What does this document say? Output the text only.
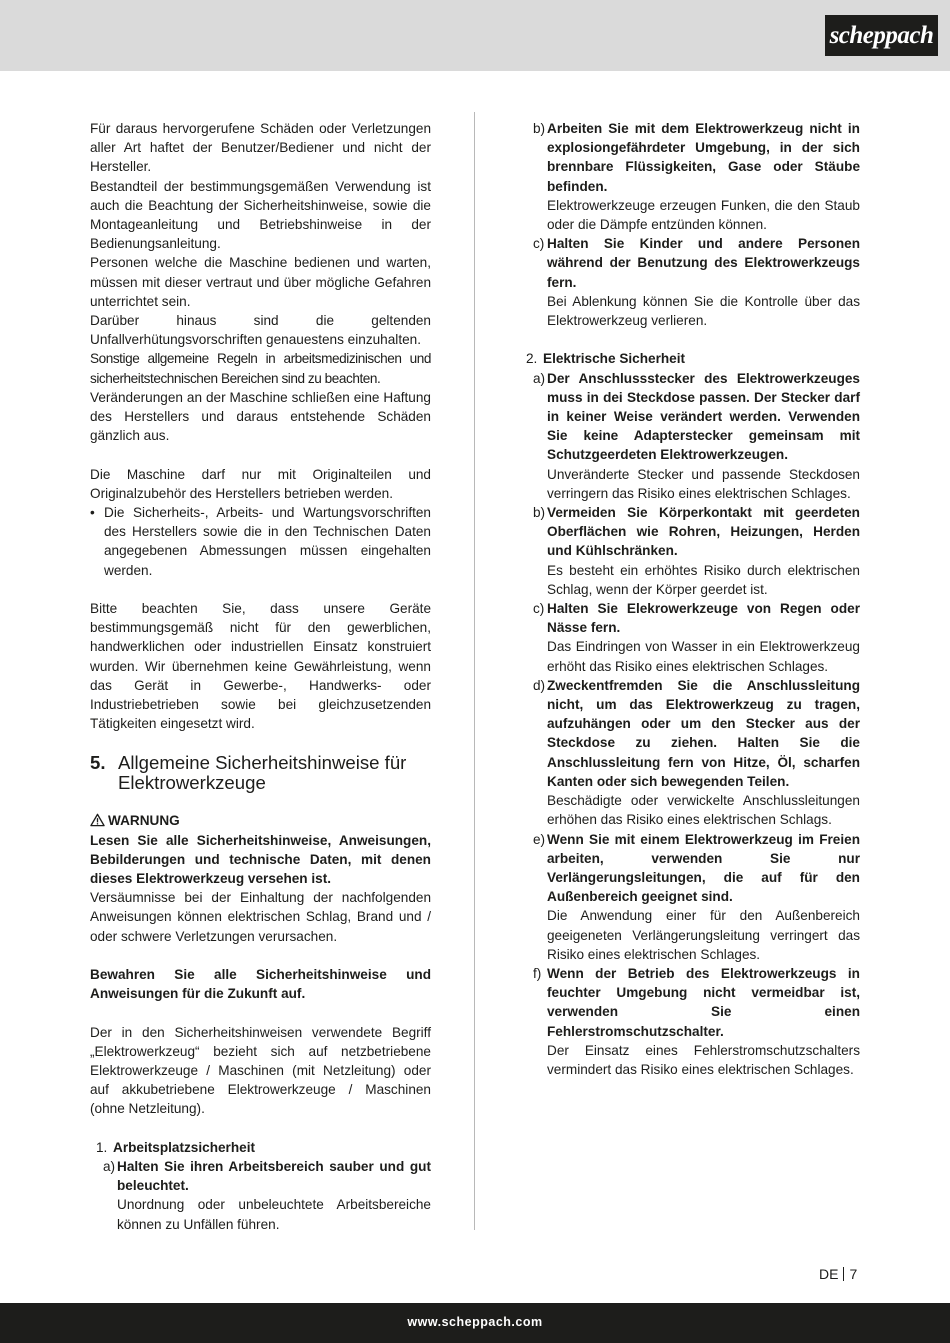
scheppach
Für daraus hervorgerufene Schäden oder Verletzungen aller Art haftet der Benutzer/Bediener und nicht der Hersteller.
Bestandteil der bestimmungsgemäßen Verwendung ist auch die Beachtung der Sicherheitshinweise, sowie die Montageanleitung und Betriebshinweise in der Bedienungsanleitung.
Personen welche die Maschine bedienen und warten, müssen mit dieser vertraut und über mögliche Gefahren unterrichtet sein.
Darüber hinaus sind die geltenden Unfallverhütungsvorschriften genauestens einzuhalten.
Sonstige allgemeine Regeln in arbeitsmedizinischen und sicherheitstechnischen Bereichen sind zu beachten.
Veränderungen an der Maschine schließen eine Haftung des Herstellers und daraus entstehende Schäden gänzlich aus.
Die Maschine darf nur mit Originalteilen und Originalzubehör des Herstellers betrieben werden.
• Die Sicherheits-, Arbeits- und Wartungsvorschriften des Herstellers sowie die in den Technischen Daten angegebenen Abmessungen müssen eingehalten werden.
Bitte beachten Sie, dass unsere Geräte bestimmungsgemäß nicht für den gewerblichen, handwerklichen oder industriellen Einsatz konstruiert wurden. Wir übernehmen keine Gewährleistung, wenn das Gerät in Gewerbe-, Handwerks- oder Industriebetrieben sowie bei gleichzusetzenden Tätigkeiten eingesetzt wird.
5. Allgemeine Sicherheitshinweise für Elektrowerkzeuge
WARNUNG
Lesen Sie alle Sicherheitshinweise, Anweisungen, Bebilderungen und technische Daten, mit denen dieses Elektrowerkzeug versehen ist.
Versäumnisse bei der Einhaltung der nachfolgenden Anweisungen können elektrischen Schlag, Brand und / oder schwere Verletzungen verursachen.
Bewahren Sie alle Sicherheitshinweise und Anweisungen für die Zukunft auf.
Der in den Sicherheitshinweisen verwendete Begriff „Elektrowerkzeug“ bezieht sich auf netzbetriebene Elektrowerkzeuge / Maschinen (mit Netzleitung) oder auf akkubetriebene Elektrowerkzeuge / Maschinen (ohne Netzleitung).
1. Arbeitsplatzsicherheit
a) Halten Sie ihren Arbeitsbereich sauber und gut beleuchtet.
Unordnung oder unbeleuchtete Arbeitsbereiche können zu Unfällen führen.
b) Arbeiten Sie mit dem Elektrowerkzeug nicht in explosiongefährdeter Umgebung, in der sich brennbare Flüssigkeiten, Gase oder Stäube befinden.
Elektrowerkzeuge erzeugen Funken, die den Staub oder die Dämpfe entzünden können.
c) Halten Sie Kinder und andere Personen während der Benutzung des Elektrowerkzeugs fern.
Bei Ablenkung können Sie die Kontrolle über das Elektrowerkzeug verlieren.
2. Elektrische Sicherheit
a) Der Anschlussstecker des Elektrowerkzeuges muss in dei Steckdose passen. Der Stecker darf in keiner Weise verändert werden. Verwenden Sie keine Adapterstecker gemeinsam mit Schutzgeerdeten Elektrowerkzeugen.
Unveränderte Stecker und passende Steckdosen verringern das Risiko eines elektrischen Schlages.
b) Vermeiden Sie Körperkontakt mit geerdeten Oberflächen wie Rohren, Heizungen, Herden und Kühlschränken.
Es besteht ein erhöhtes Risiko durch elektrischen Schlag, wenn der Körper geerdet ist.
c) Halten Sie Elekrowerkzeuge von Regen oder Nässe fern.
Das Eindringen von Wasser in ein Elektrowerkzeug erhöht das Risiko eines elektrischen Schlages.
d) Zweckentfremden Sie die Anschlussleitung nicht, um das Elektrowerkzeug zu tragen, aufzuhängen oder um den Stecker aus der Steckdose zu ziehen. Halten Sie die Anschlussleitung fern von Hitze, Öl, scharfen Kanten oder sich bewegenden Teilen.
Beschädigte oder verwickelte Anschlussleitungen erhöhen das Risiko eines elektrischen Schlags.
e) Wenn Sie mit einem Elektrowerkzeug im Freien arbeiten, verwenden Sie nur Verlängerungsleitungen, die auf für den Außenbereich geeignet sind.
Die Anwendung einer für den Außenbereich geeigeneten Verlängerungsleitung verringert das Risiko eines elektrischen Schlages.
f) Wenn der Betrieb des Elektrowerkzeugs in feuchter Umgebung nicht vermeidbar ist, verwenden Sie einen Fehlerstromschutzschalter.
Der Einsatz eines Fehlerstromschutzschalters vermindert das Risiko eines elektrischen Schlages.
DE 7
www.scheppach.com
